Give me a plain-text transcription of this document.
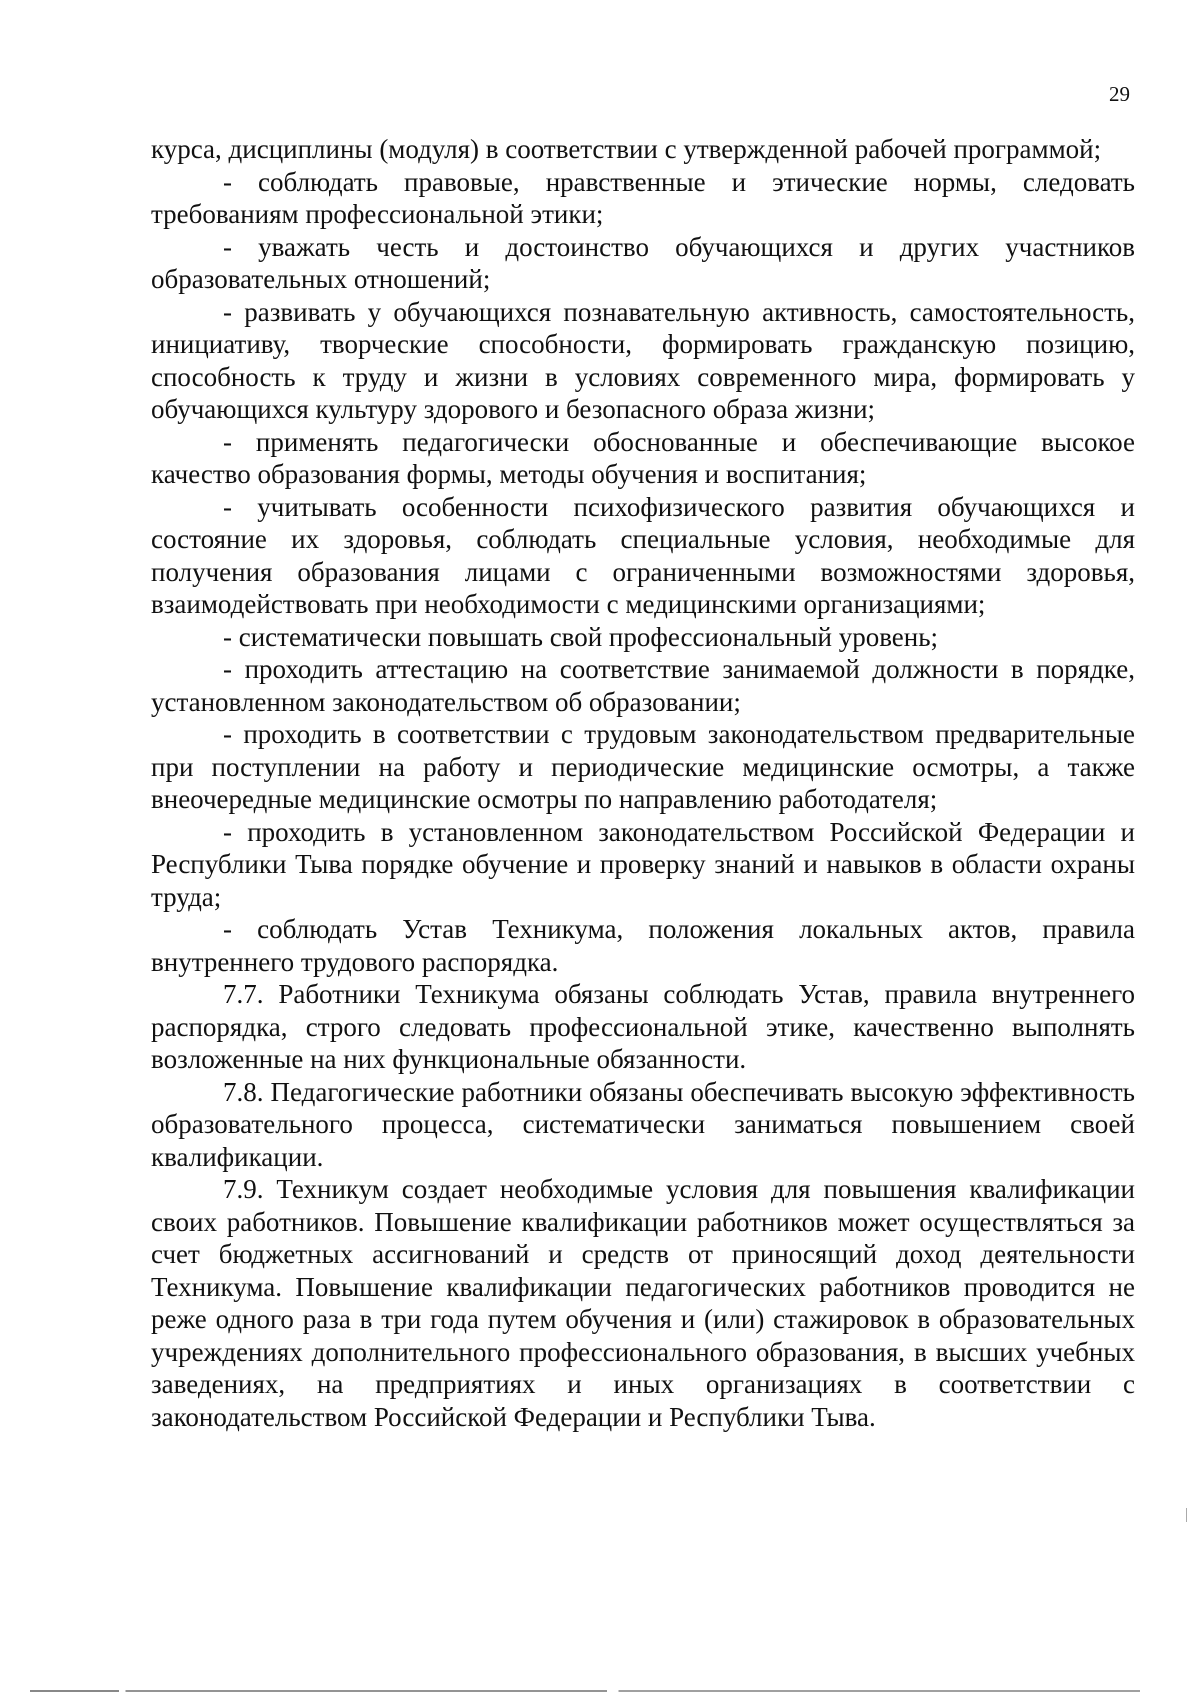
29

курса, дисциплины (модуля) в соответствии с утвержденной рабочей программой;

- соблюдать правовые, нравственные и этические нормы, следовать требованиям профессиональной этики;

- уважать честь и достоинство обучающихся и других участников образовательных отношений;

- развивать у обучающихся познавательную активность, самостоятельность, инициативу, творческие способности, формировать гражданскую позицию, способность к труду и жизни в условиях современного мира, формировать у обучающихся культуру здорового и безопасного образа жизни;

- применять педагогически обоснованные и обеспечивающие высокое качество образования формы, методы обучения и воспитания;

- учитывать особенности психофизического развития обучающихся и состояние их здоровья, соблюдать специальные условия, необходимые для получения образования лицами с ограниченными возможностями здоровья, взаимодействовать при необходимости с медицинскими организациями;

- систематически повышать свой профессиональный уровень;

- проходить аттестацию на соответствие занимаемой должности в порядке, установленном законодательством об образовании;

- проходить в соответствии с трудовым законодательством предварительные при поступлении на работу и периодические медицинские осмотры, а также внеочередные медицинские осмотры по направлению работодателя;

- проходить в установленном законодательством Российской Федерации и Республики Тыва порядке обучение и проверку знаний и навыков в области охраны труда;

- соблюдать Устав Техникума, положения локальных актов, правила внутреннего трудового распорядка.

7.7. Работники Техникума обязаны соблюдать Устав, правила внутреннего распорядка, строго следовать профессиональной этике, качественно выполнять возложенные на них функциональные обязанности.

7.8. Педагогические работники обязаны обеспечивать высокую эффективность образовательного процесса, систематически заниматься повышением своей квалификации.

7.9. Техникум создает необходимые условия для повышения квалификации своих работников. Повышение квалификации работников может осуществляться за счет бюджетных ассигнований и средств от приносящий доход деятельности Техникума. Повышение квалификации педагогических работников проводится не реже одного раза в три года путем обучения и (или) стажировок в образовательных учреждениях дополнительного профессионального образования, в высших учебных заведениях, на предприятиях и иных организациях в соответствии с законодательством Российской Федерации и Республики Тыва.
